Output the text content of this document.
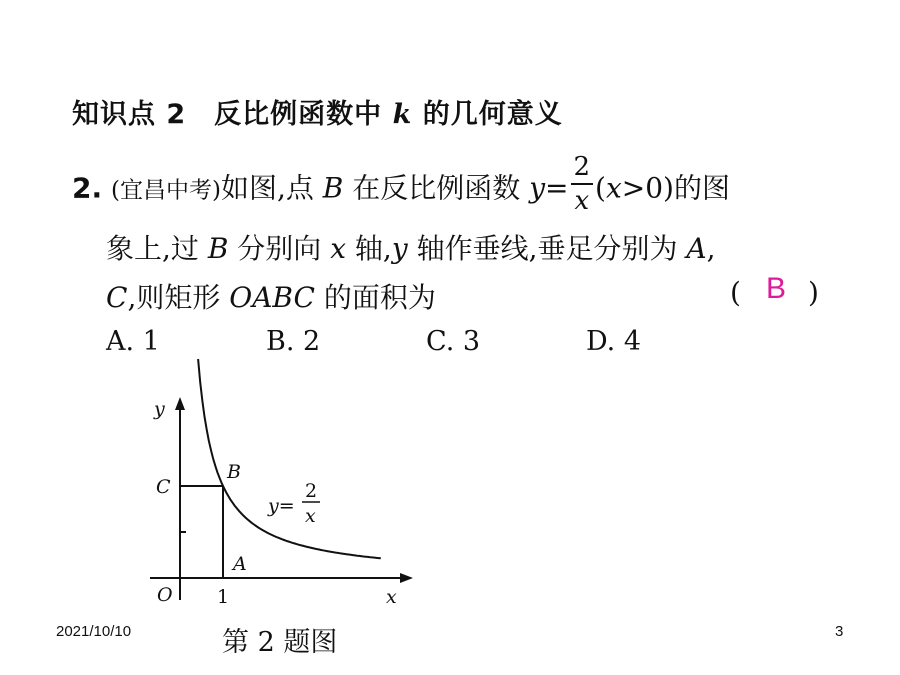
知识点 2　反比例函数中 k 的几何意义
2. (宜昌中考)如图,点 B 在反比例函数 $y= \frac{2}{x} (x>0)$的图
象上,过 B 分别向 x 轴,y 轴作垂线,垂足分别为 A,
C,则矩形 OABC 的面积为	( B )
A. 1	B. 2	C. 3	D. 4
y
x
O
C
B
A
1
y=
2
x
第 2 题图
2021/10/10	3
